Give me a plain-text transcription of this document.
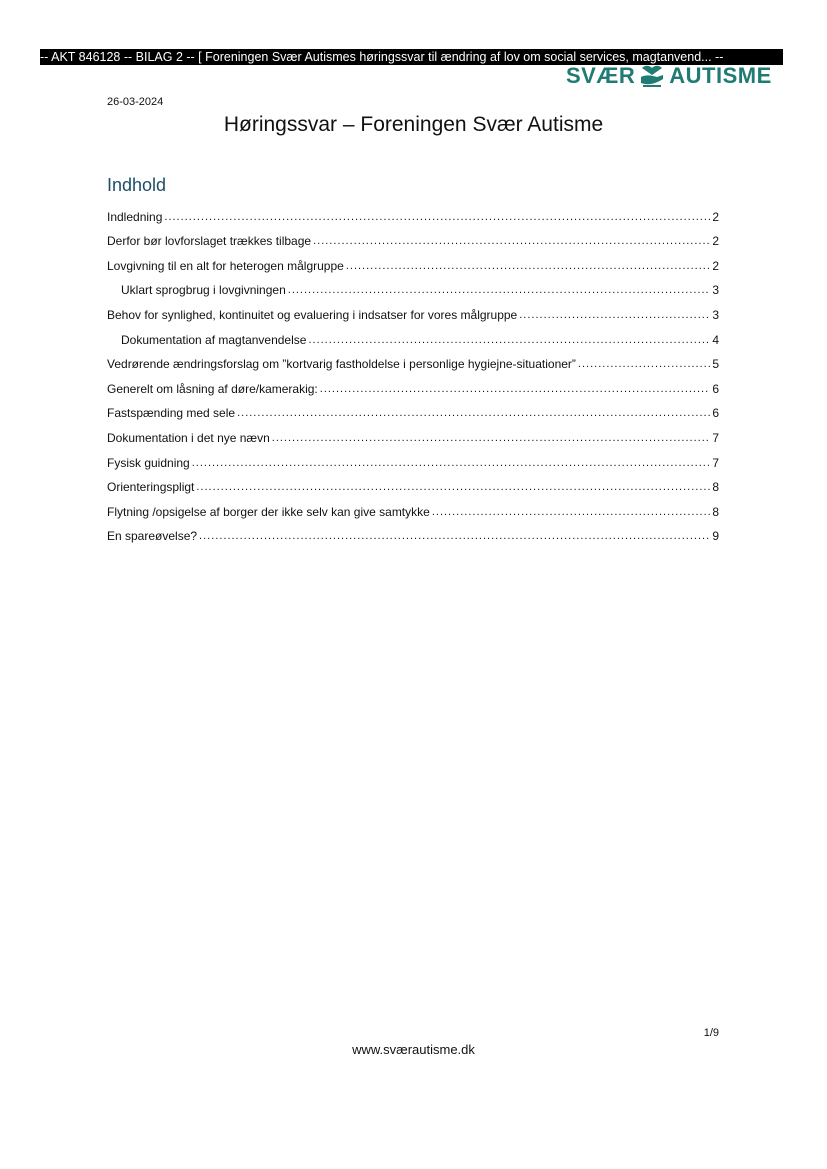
-- AKT 846128 -- BILAG 2 -- [ Foreningen Svær Autismes høringssvar til ændring af lov om social services, magtanvend... --
SVÆR AUTISME
26-03-2024
Høringssvar – Foreningen Svær Autisme
Indhold
Indledning .....	2
Derfor bør lovforslaget trækkes tilbage .....	2
Lovgivning til en alt for heterogen målgruppe .....	2
Uklart sprogbrug i lovgivningen .....	3
Behov for synlighed, kontinuitet og evaluering i indsatser for vores målgruppe .....	3
Dokumentation af magtanvendelse .....	4
Vedrørende ændringsforslag om ”kortvarig fastholdelse i personlige hygiejne-situationer” .....	5
Generelt om låsning af døre/kamerakig: .....	6
Fastspænding med sele .....	6
Dokumentation i det nye nævn .....	7
Fysisk guidning .....	7
Orienteringspligt .....	8
Flytning /opsigelse af borger der ikke selv kan give samtykke .....	8
En spareøvelse? .....	9
1/9
www.sværautisme.dk
